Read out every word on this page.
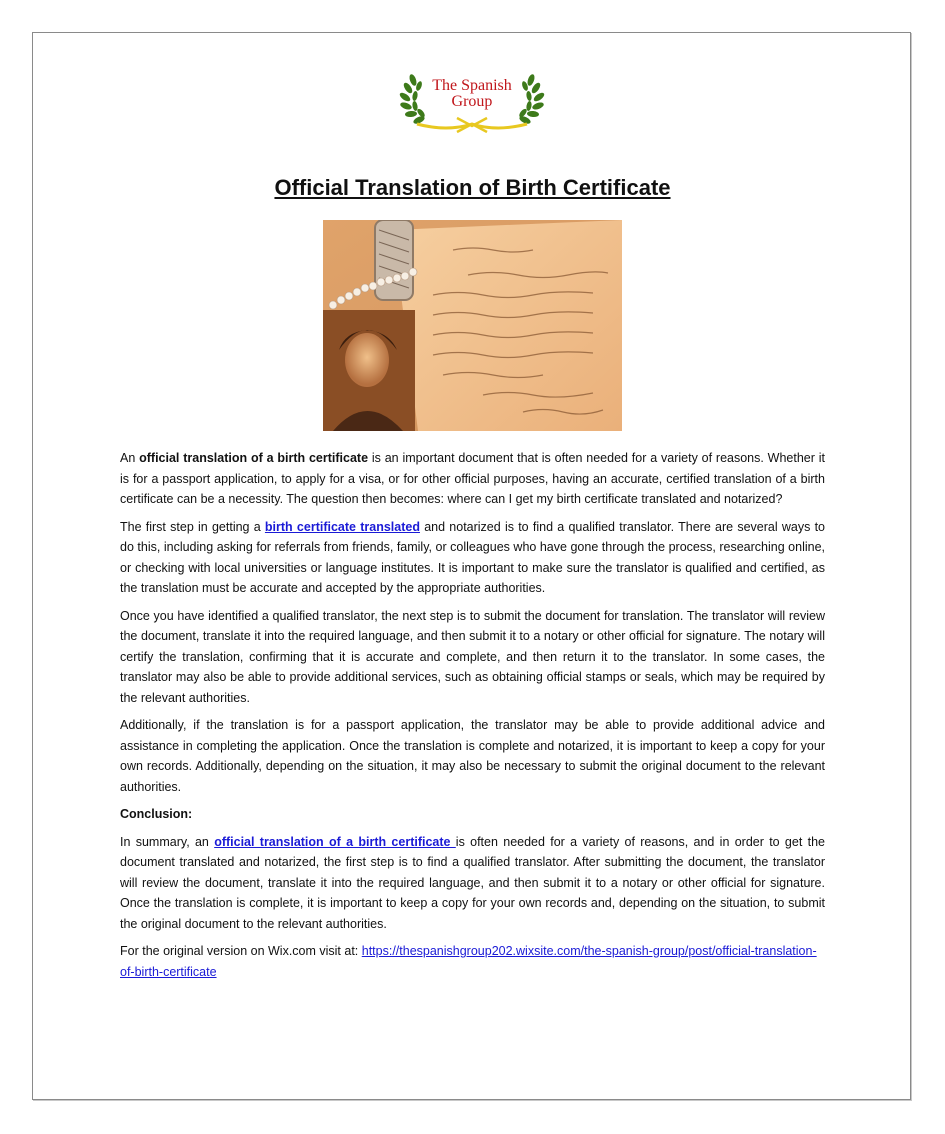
The Spanish
Group
Official Translation of Birth Certificate

An official translation of a birth certificate is an important document that is often needed for a variety of reasons. Whether it is for a passport application, to apply for a visa, or for other official purposes, having an accurate, certified translation of a birth certificate can be a necessity. The question then becomes: where can I get my birth certificate translated and notarized?

The first step in getting a birth certificate translated and notarized is to find a qualified translator. There are several ways to do this, including asking for referrals from friends, family, or colleagues who have gone through the process, researching online, or checking with local universities or language institutes. It is important to make sure the translator is qualified and certified, as the translation must be accurate and accepted by the appropriate authorities.

Once you have identified a qualified translator, the next step is to submit the document for translation. The translator will review the document, translate it into the required language, and then submit it to a notary or other official for signature. The notary will certify the translation, confirming that it is accurate and complete, and then return it to the translator. In some cases, the translator may also be able to provide additional services, such as obtaining official stamps or seals, which may be required by the relevant authorities.

Additionally, if the translation is for a passport application, the translator may be able to provide additional advice and assistance in completing the application. Once the translation is complete and notarized, it is important to keep a copy for your own records. Additionally, depending on the situation, it may also be necessary to submit the original document to the relevant authorities.

Conclusion:

In summary, an official translation of a birth certificate is often needed for a variety of reasons, and in order to get the document translated and notarized, the first step is to find a qualified translator. After submitting the document, the translator will review the document, translate it into the required language, and then submit it to a notary or other official for signature. Once the translation is complete, it is important to keep a copy for your own records and, depending on the situation, to submit the original document to the relevant authorities.

For the original version on Wix.com visit at: https://thespanishgroup202.wixsite.com/the-spanish-group/post/official-translation-of-birth-certificate
